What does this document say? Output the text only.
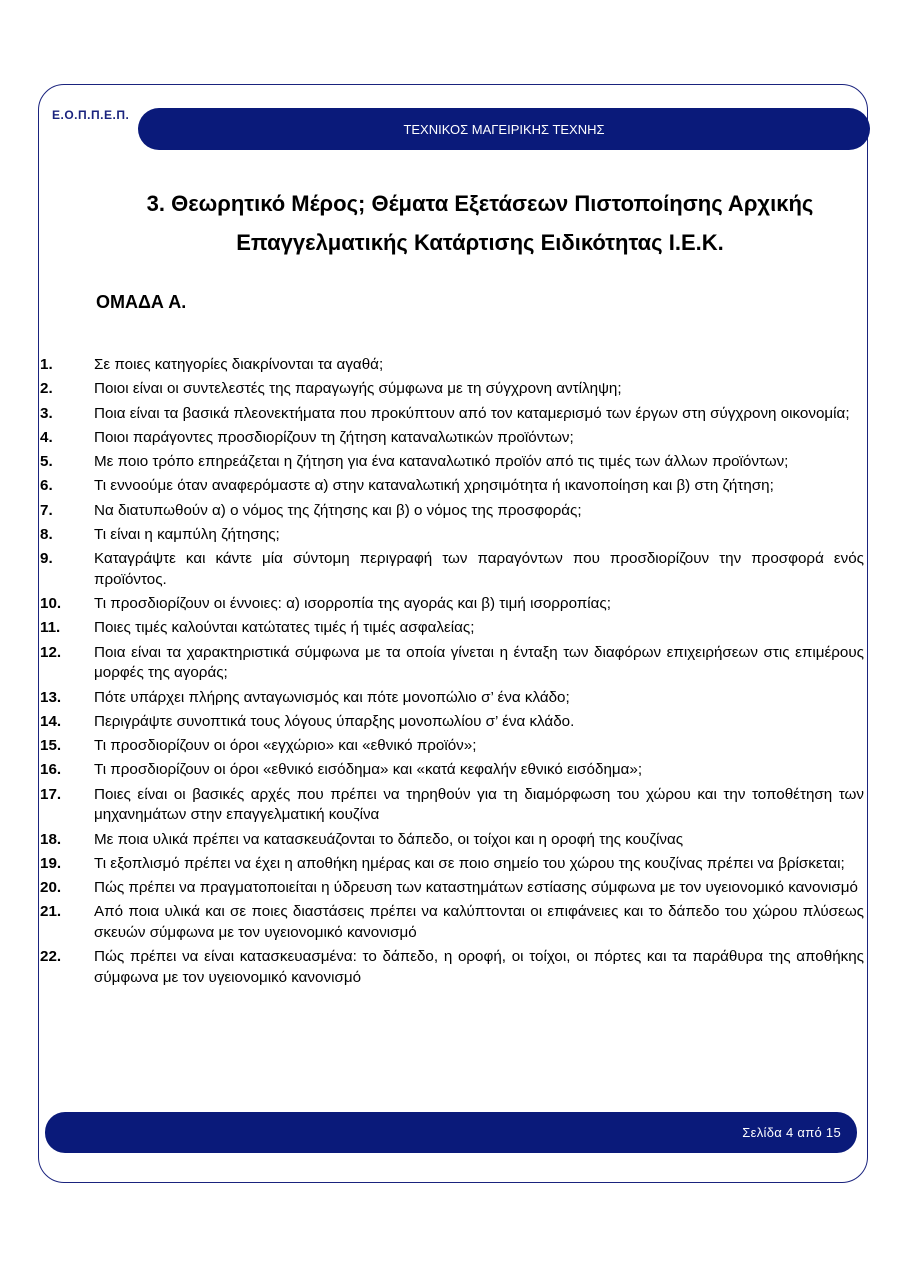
Ε.Ο.Π.Π.Ε.Π.
ΤΕΧΝΙΚΟΣ ΜΑΓΕΙΡΙΚΗΣ ΤΕΧΝΗΣ
3. Θεωρητικό Μέρος; Θέματα Εξετάσεων Πιστοποίησης Αρχικής
Επαγγελματικής Κατάρτισης Ειδικότητας Ι.Ε.Κ.
ΟΜΑΔΑ Α.
1.	Σε ποιες κατηγορίες διακρίνονται τα αγαθά;
2.	Ποιοι είναι οι συντελεστές της παραγωγής σύμφωνα με τη σύγχρονη αντίληψη;
3.	Ποια είναι τα βασικά πλεονεκτήματα που προκύπτουν από τον καταμερισμό των έργων στη σύγχρονη οικονομία;
4.	Ποιοι παράγοντες προσδιορίζουν τη ζήτηση καταναλωτικών προϊόντων;
5.	Με ποιο τρόπο επηρεάζεται η ζήτηση για ένα καταναλωτικό προϊόν από τις τιμές των άλλων προϊόντων;
6.	Τι εννοούμε όταν αναφερόμαστε α) στην καταναλωτική χρησιμότητα ή ικανοποίηση και β) στη ζήτηση;
7.	Να διατυπωθούν α) ο νόμος της ζήτησης και β) ο νόμος της προσφοράς;
8.	Τι είναι η καμπύλη ζήτησης;
9.	Καταγράψτε και κάντε μία σύντομη περιγραφή των παραγόντων που προσδιορίζουν την προσφορά ενός προϊόντος.
10.	Τι προσδιορίζουν οι έννοιες: α) ισορροπία της αγοράς και β) τιμή ισορροπίας;
11.	Ποιες τιμές καλούνται κατώτατες τιμές ή τιμές ασφαλείας;
12.	Ποια είναι τα χαρακτηριστικά σύμφωνα με τα οποία γίνεται η ένταξη των διαφόρων επιχειρήσεων στις επιμέρους μορφές της αγοράς;
13.	Πότε υπάρχει πλήρης ανταγωνισμός και πότε μονοπώλιο σ’ ένα κλάδο;
14.	Περιγράψτε συνοπτικά τους λόγους ύπαρξης μονοπωλίου σ’ ένα κλάδο.
15.	Τι προσδιορίζουν οι όροι «εγχώριο» και «εθνικό προϊόν»;
16.	Τι προσδιορίζουν οι όροι «εθνικό εισόδημα» και «κατά κεφαλήν εθνικό εισόδημα»;
17.	Ποιες είναι οι βασικές αρχές που πρέπει να τηρηθούν για τη διαμόρφωση του χώρου και την τοποθέτηση των μηχανημάτων στην επαγγελματική κουζίνα
18.	Με ποια υλικά πρέπει να κατασκευάζονται το δάπεδο, οι τοίχοι και η οροφή της κουζίνας
19.	Τι εξοπλισμό πρέπει να έχει η αποθήκη ημέρας και σε ποιο σημείο του χώρου της κουζίνας πρέπει να βρίσκεται;
20.	Πώς πρέπει να πραγματοποιείται η ύδρευση των καταστημάτων εστίασης σύμφωνα με τον υγειονομικό κανονισμό
21.	Από ποια υλικά και σε ποιες διαστάσεις πρέπει να καλύπτονται οι επιφάνειες και το δάπεδο του χώρου πλύσεως σκευών σύμφωνα με τον υγειονομικό κανονισμό
22.	Πώς πρέπει να είναι κατασκευασμένα: το δάπεδο, η οροφή, οι τοίχοι, οι πόρτες και τα παράθυρα της αποθήκης σύμφωνα με τον υγειονομικό κανονισμό
Σελίδα 4 από 15
